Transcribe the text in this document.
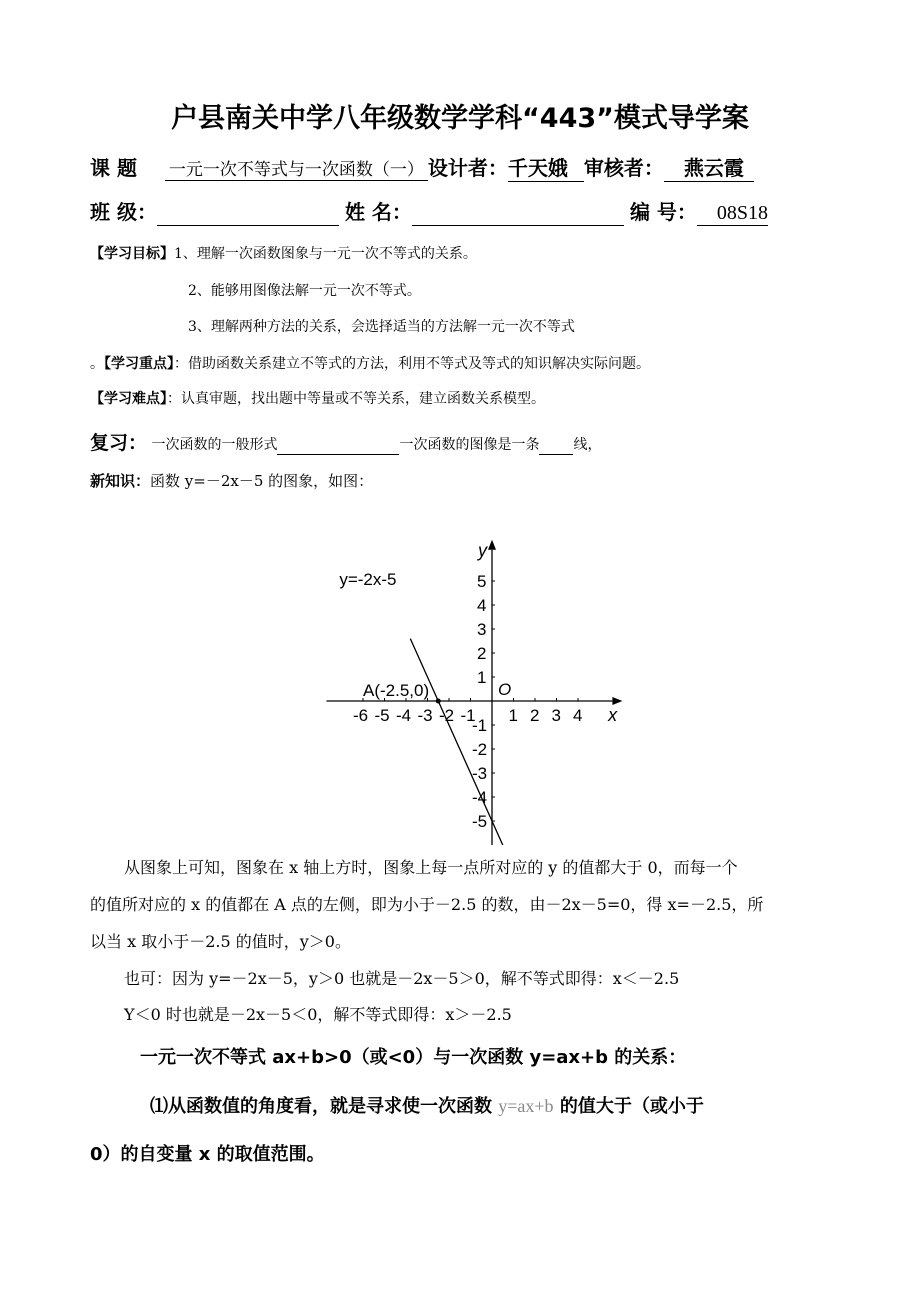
户县南关中学八年级数学学科“443”模式导学案
课 题 一元一次不等式与一次函数（一） 设计者：千天娥 审核者： 燕云霞
班 级：	姓 名：	编 号： 08S18
【学习目标】1、理解一次函数图象与一元一次不等式的关系。
2、能够用图像法解一元一次不等式。
3、理解两种方法的关系，会选择适当的方法解一元一次不等式
。【学习重点】：借助函数关系建立不等式的方法，利用不等式及等式的知识解决实际问题。
【学习难点】：认真审题，找出题中等量或不等关系，建立函数关系模型。
复习： 一次函数的一般形式	一次函数的图像是一条 线，
新知识：函数 y=－2x－5 的图象，如图：
-6 -5 -4 -3 -2 -1 1 2 3 4
5
4
3
2
1
-1
-2
-3
-4
-5
y=-2x-5
A(-2.5,0)	O
x
y
从图象上可知，图象在 x 轴上方时，图象上每一点所对应的 y 的值都大于 0，而每一个
的值所对应的 x 的值都在 A 点的左侧，即为小于－2.5 的数，由－2x－5=0，得 x=－2.5，所
以当 x 取小于－2.5 的值时，y＞0。
也可：因为 y=－2x－5，y＞0 也就是－2x－5＞0，解不等式即得：x＜－2.5
Y＜0 时也就是－2x－5＜0，解不等式即得：x＞－2.5
一元一次不等式 ax+b>0（或<0）与一次函数 y=ax+b 的关系：
⑴从函数值的角度看，就是寻求使一次函数 y=ax+b 的值大于（或小于
0）的自变量 x 的取值范围。
